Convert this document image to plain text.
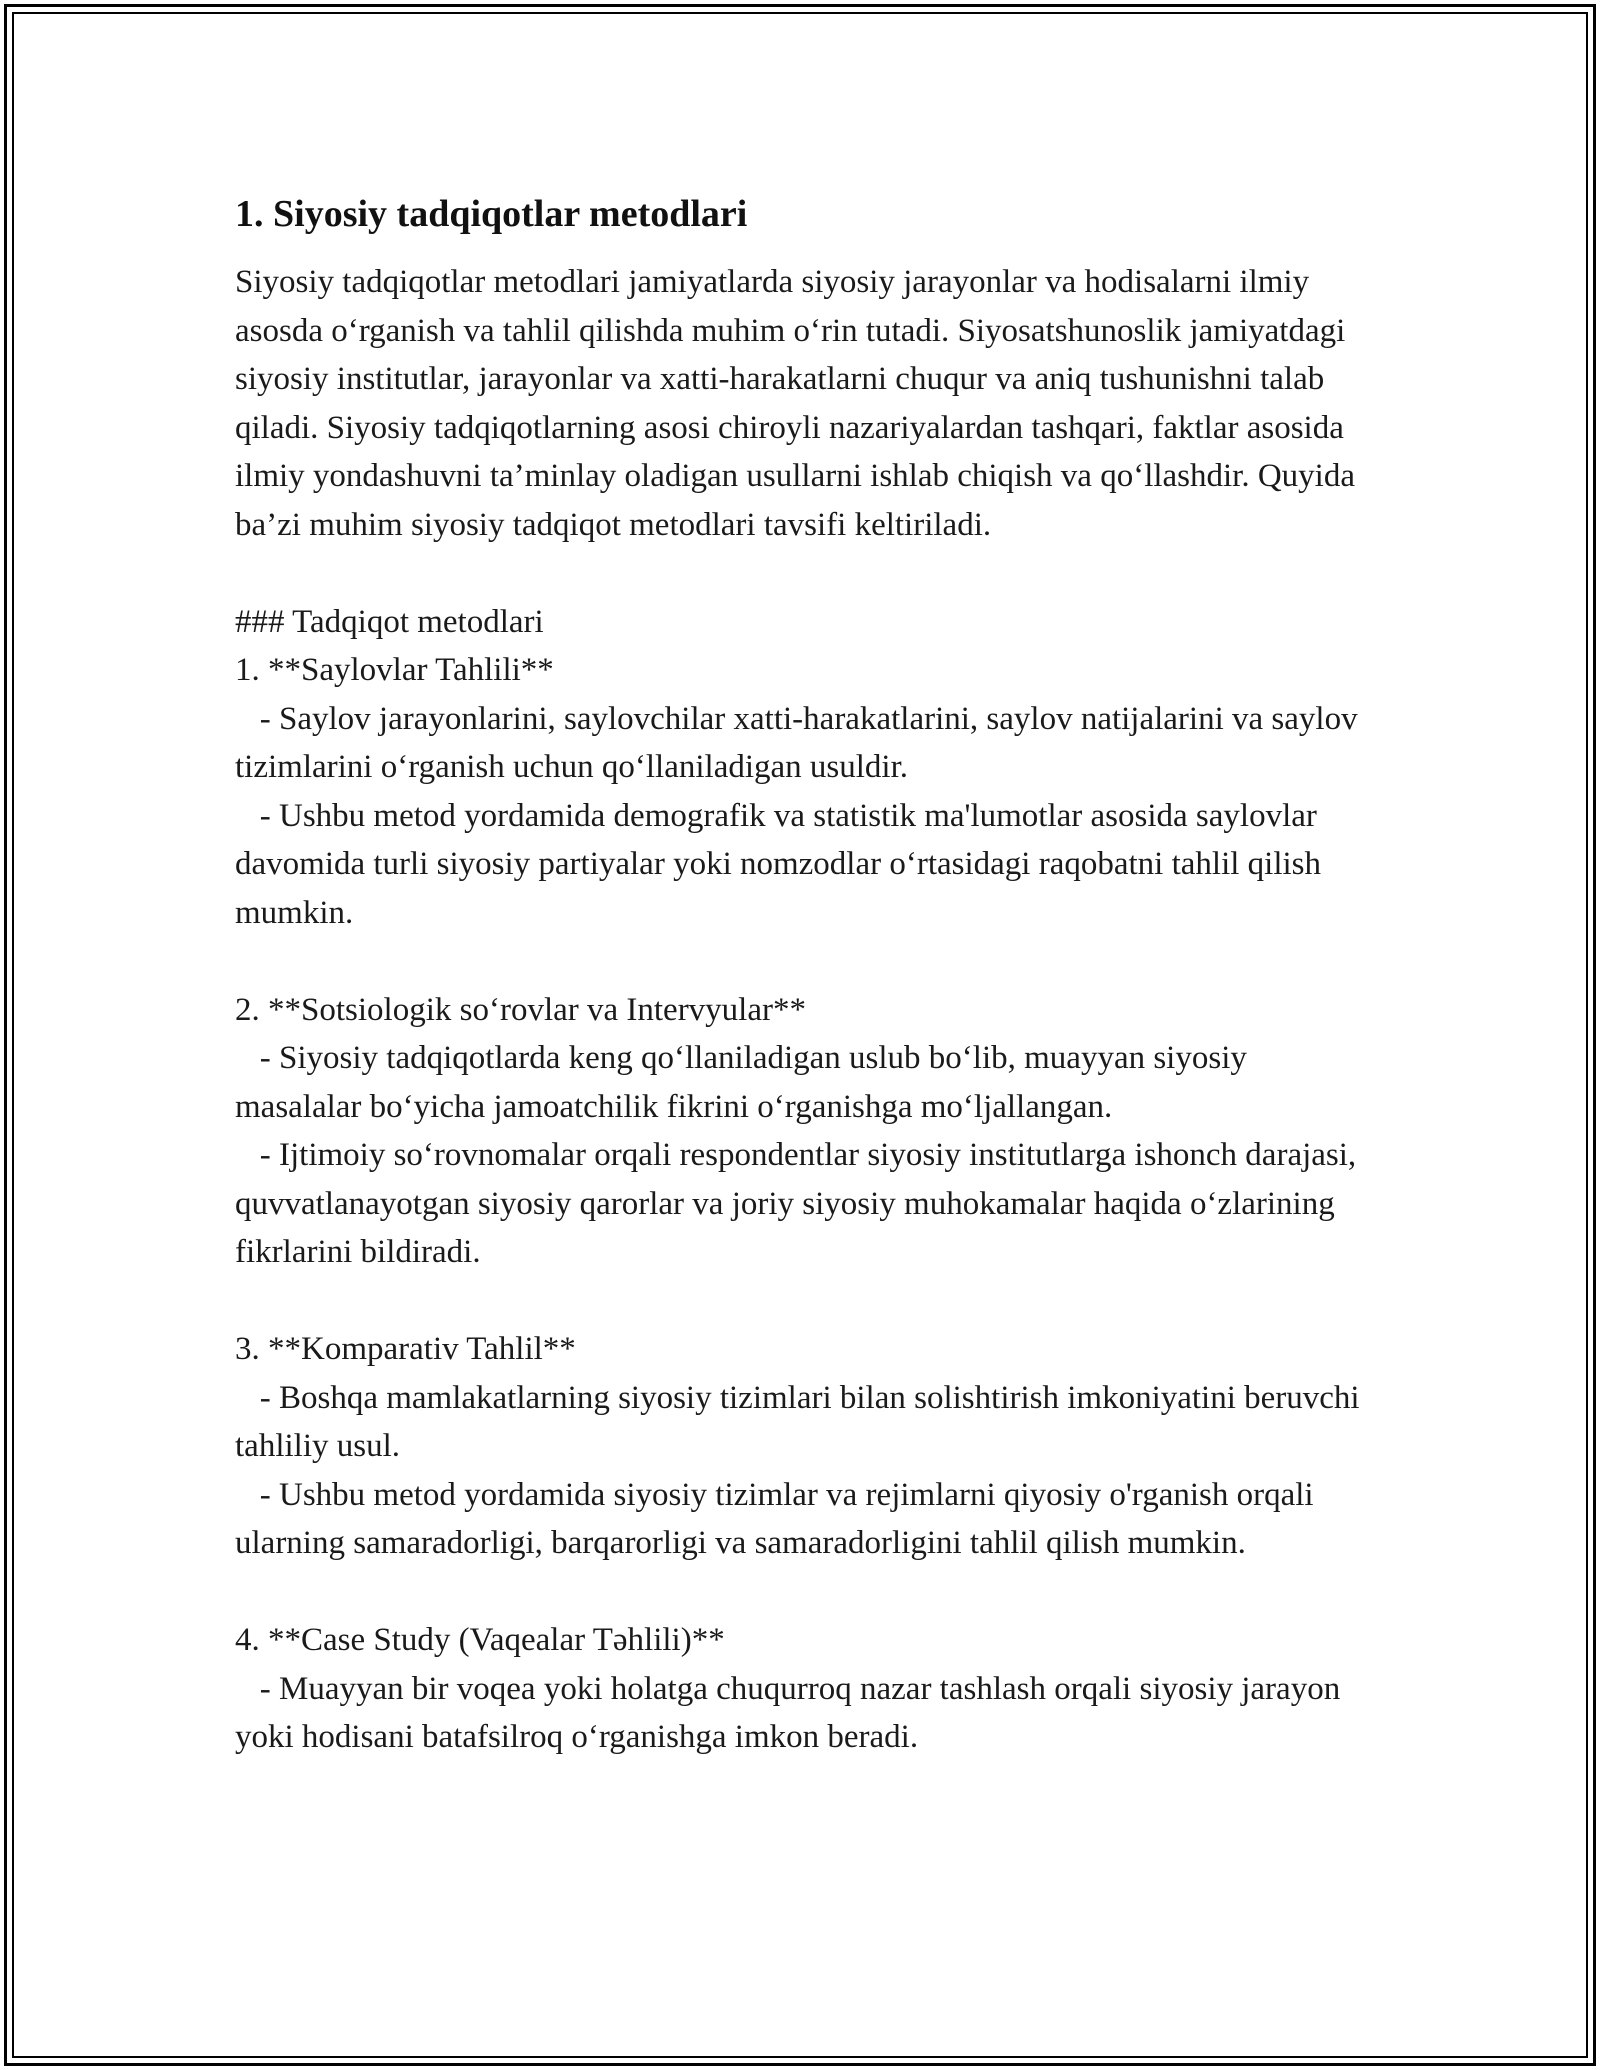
1. Siyosiy tadqiqotlar metodlari

Siyosiy tadqiqotlar metodlari jamiyatlarda siyosiy jarayonlar va hodisalarni ilmiy asosda o‘rganish va tahlil qilishda muhim o‘rin tutadi. Siyosatshunoslik jamiyatdagi siyosiy institutlar, jarayonlar va xatti-harakatlarni chuqur va aniq tushunishni talab qiladi. Siyosiy tadqiqotlarning asosi chiroyli nazariyalardan tashqari, faktlar asosida ilmiy yondashuvni ta’minlay oladigan usullarni ishlab chiqish va qo‘llashdir. Quyida ba’zi muhim siyosiy tadqiqot metodlari tavsifi keltiriladi.

### Tadqiqot metodlari
1. **Saylovlar Tahlili**
- Saylov jarayonlarini, saylovchilar xatti-harakatlarini, saylov natijalarini va saylov tizimlarini o‘rganish uchun qo‘llaniladigan usuldir.
- Ushbu metod yordamida demografik va statistik ma'lumotlar asosida saylovlar davomida turli siyosiy partiyalar yoki nomzodlar o‘rtasidagi raqobatni tahlil qilish mumkin.

2. **Sotsiologik so‘rovlar va Intervyular**
- Siyosiy tadqiqotlarda keng qo‘llaniladigan uslub bo‘lib, muayyan siyosiy masalalar bo‘yicha jamoatchilik fikrini o‘rganishga mo‘ljallangan.
- Ijtimoiy so‘rovnomalar orqali respondentlar siyosiy institutlarga ishonch darajasi, quvvatlanayotgan siyosiy qarorlar va joriy siyosiy muhokamalar haqida o‘zlarining fikrlarini bildiradi.

3. **Komparativ Tahlil**
- Boshqa mamlakatlarning siyosiy tizimlari bilan solishtirish imkoniyatini beruvchi tahliliy usul.
- Ushbu metod yordamida siyosiy tizimlar va rejimlarni qiyosiy o'rganish orqali ularning samaradorligi, barqarorligi va samaradorligini tahlil qilish mumkin.

4. **Case Study (Vaqealar Təhlili)**
- Muayyan bir voqea yoki holatga chuqurroq nazar tashlash orqali siyosiy jarayon yoki hodisani batafsilroq o‘rganishga imkon beradi.
